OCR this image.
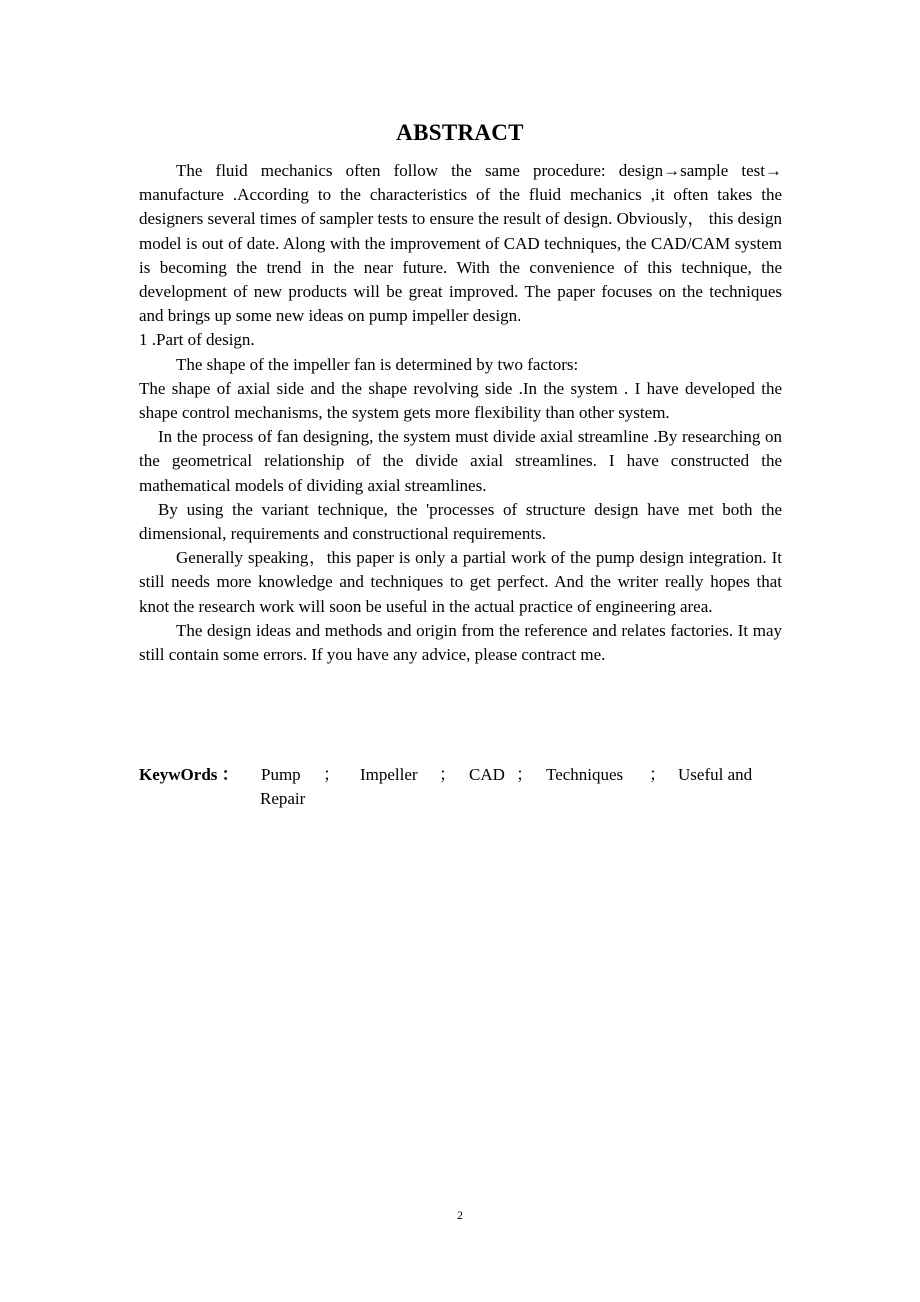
ABSTRACT

The fluid mechanics often follow the same procedure: design→sample test→ manufacture .According to the characteristics of the fluid mechanics ,it often takes the designers several times of sampler tests to ensure the result of design. Obviously， this design model is out of date. Along with the improvement of CAD techniques, the CAD/CAM system is becoming the trend in the near future. With the convenience of this technique, the development of new products will be great improved. The paper focuses on the techniques and brings up some new ideas on pump impeller design.

1 .Part of design.

The shape of the impeller fan is determined by two factors:

The shape of axial side and the shape revolving side .In the system . I have developed the shape control mechanisms, the system gets more flexibility than other system.

In the process of fan designing, the system must divide axial streamline .By researching on the geometrical relationship of the divide axial streamlines. I have constructed the mathematical models of dividing axial streamlines.

By using the variant technique, the 'processes of structure design have met both the dimensional, requirements and constructional requirements.

Generally speaking，this paper is only a partial work of the pump design integration. It still needs more knowledge and techniques to get perfect. And the writer really hopes that knot the research work will soon be useful in the actual practice of engineering area.

The design ideas and methods and origin from the reference and relates factories. It may still contain some errors. If you have any advice, please contract me.

KeywOrds ： Pump ； Impeller ； CAD ； Techniques ； Useful and
Repair
2
